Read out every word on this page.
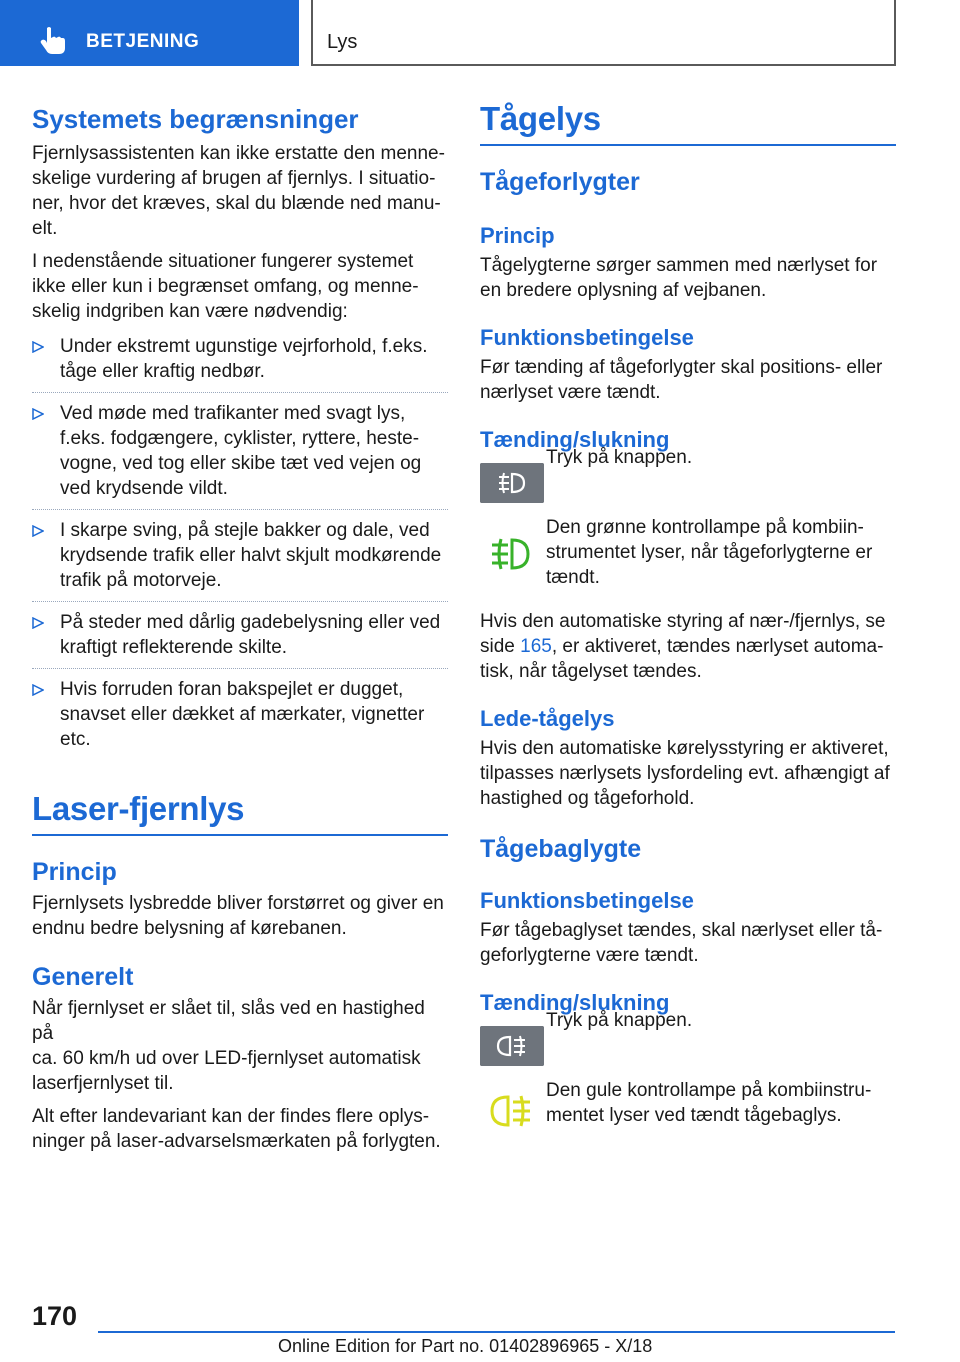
BETJENING	Lys
Systemets begrænsninger

Fjernlysassistenten kan ikke erstatte den menne-
skelige vurdering af brugen af fjernlys. I situatio-
ner, hvor det kræves, skal du blænde ned manu-
elt.

I nedenstående situationer fungerer systemet
ikke eller kun i begrænset omfang, og menne-
skelig indgriben kan være nødvendig:

Under ekstremt ugunstige vejrforhold, f.eks.
tåge eller kraftig nedbør.
Ved møde med trafikanter med svagt lys,
f.eks. fodgængere, cyklister, ryttere, heste-
vogne, ved tog eller skibe tæt ved vejen og
ved krydsende vildt.
I skarpe sving, på stejle bakker og dale, ved
krydsende trafik eller halvt skjult modkørende
trafik på motorveje.
På steder med dårlig gadebelysning eller ved
kraftigt reflekterende skilte.
Hvis forruden foran bakspejlet er dugget,
snavset eller dækket af mærkater, vignetter
etc.
Laser-fjernlys
Princip

Fjernlysets lysbredde bliver forstørret og giver en
endnu bedre belysning af kørebanen.

Generelt

Når fjernlyset er slået til, slås ved en hastighed på
ca. 60 km/h ud over LED-fjernlyset automatisk
laserfjernlyset til.

Alt efter landevariant kan der findes flere oplys-
ninger på laser-advarselsmærkaten på forlygten.

Tågelys
Tågeforlygter
Princip

Tågelygterne sørger sammen med nærlyset for
en bredere oplysning af vejbanen.

Funktionsbetingelse

Før tænding af tågeforlygter skal positions- eller
nærlyset være tændt.

Tænding/slukning
Tryk på knappen.
Den grønne kontrollampe på kombiin-
strumentet lyser, når tågeforlygterne er
tændt.

Hvis den automatiske styring af nær-/fjernlys, se
side 165, er aktiveret, tændes nærlyset automa-
tisk, når tågelyset tændes.

Lede-tågelys

Hvis den automatiske kørelysstyring er aktiveret,
tilpasses nærlysets lysfordeling evt. afhængigt af
hastighed og tågeforhold.

Tågebaglygte
Funktionsbetingelse

Før tågebaglyset tændes, skal nærlyset eller tå-
geforlygterne være tændt.

Tænding/slukning
Tryk på knappen.
Den gule kontrollampe på kombiinstru-
mentet lyser ved tændt tågebaglys.
170
Online Edition for Part no. 01402896965 - X/18
